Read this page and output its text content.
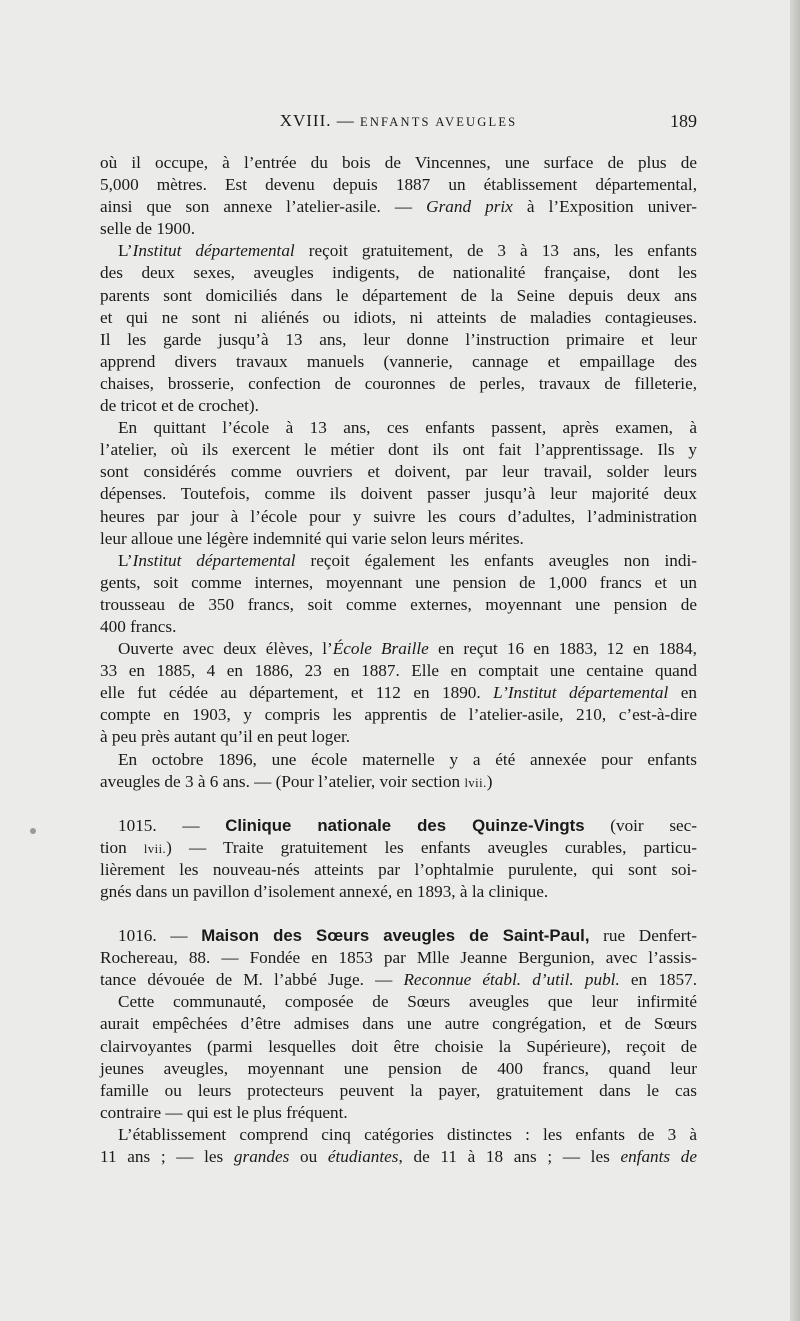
XVIII. — ENFANTS AVEUGLES	189
où il occupe, à l’entrée du bois de Vincennes, une surface de plus de
5,000 mètres. Est devenu depuis 1887 un établissement départemental,
ainsi que son annexe l’atelier-asile. — Grand prix à l’Exposition univer-
selle de 1900.
L’Institut départemental reçoit gratuitement, de 3 à 13 ans, les enfants
des deux sexes, aveugles indigents, de nationalité française, dont les
parents sont domiciliés dans le département de la Seine depuis deux ans
et qui ne sont ni aliénés ou idiots, ni atteints de maladies contagieuses.
Il les garde jusqu’à 13 ans, leur donne l’instruction primaire et leur
apprend divers travaux manuels (vannerie, cannage et empaillage des
chaises, brosserie, confection de couronnes de perles, travaux de filleterie,
de tricot et de crochet).
En quittant l’école à 13 ans, ces enfants passent, après examen, à
l’atelier, où ils exercent le métier dont ils ont fait l’apprentissage. Ils y
sont considérés comme ouvriers et doivent, par leur travail, solder leurs
dépenses. Toutefois, comme ils doivent passer jusqu’à leur majorité deux
heures par jour à l’école pour y suivre les cours d’adultes, l’administration
leur alloue une légère indemnité qui varie selon leurs mérites.
L’Institut départemental reçoit également les enfants aveugles non indi-
gents, soit comme internes, moyennant une pension de 1,000 francs et un
trousseau de 350 francs, soit comme externes, moyennant une pension de
400 francs.
Ouverte avec deux élèves, l’École Braille en reçut 16 en 1883, 12 en 1884,
33 en 1885, 4 en 1886, 23 en 1887. Elle en comptait une centaine quand
elle fut cédée au département, et 112 en 1890. L’Institut départemental en
compte en 1903, y compris les apprentis de l’atelier-asile, 210, c’est-à-dire
à peu près autant qu’il en peut loger.
En octobre 1896, une école maternelle y a été annexée pour enfants
aveugles de 3 à 6 ans. — (Pour l’atelier, voir section lvii.)
1015. — Clinique nationale des Quinze-Vingts (voir sec-
tion lvii.) — Traite gratuitement les enfants aveugles curables, particu-
lièrement les nouveau-nés atteints par l’ophtalmie purulente, qui sont soi-
gnés dans un pavillon d’isolement annexé, en 1893, à la clinique.
1016. — Maison des Sœurs aveugles de Saint-Paul, rue Denfert-
Rochereau, 88. — Fondée en 1853 par Mlle Jeanne Bergunion, avec l’assis-
tance dévouée de M. l’abbé Juge. — Reconnue établ. d’util. publ. en 1857.
Cette communauté, composée de Sœurs aveugles que leur infirmité
aurait empêchées d’être admises dans une autre congrégation, et de Sœurs
clairvoyantes (parmi lesquelles doit être choisie la Supérieure), reçoit de
jeunes aveugles, moyennant une pension de 400 francs, quand leur
famille ou leurs protecteurs peuvent la payer, gratuitement dans le cas
contraire — qui est le plus fréquent.
L’établissement comprend cinq catégories distinctes : les enfants de 3 à
11 ans ; — les grandes ou étudiantes, de 11 à 18 ans ; — les enfants de
